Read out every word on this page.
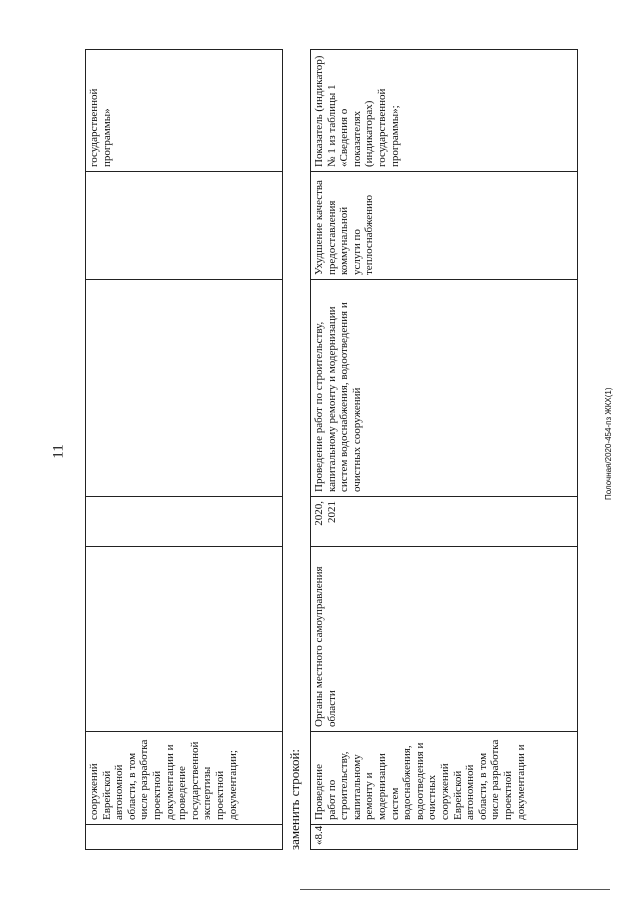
11
	сооружений Еврейской автономной области, в том числе разработка проектной документации и проведение государственной экспертизы проектной документации;					государственной программы»
заменить строкой: «8.4	Проведение работ по строительству, капитальному ремонту и модернизации систем водоснабжения, водоотведения и очистных сооружений Еврейской автономной области, в том числе разработка проектной документации и	Органы местного самоуправления области	2020, 2021	Проведение работ по строительству, капитальному ремонту и модернизации систем водоснабжения, водоотведения и очистных сооружений	Ухудшение качества предоставления коммунальной услуги по теплоснабжению	Показатель (индикатор) № 1 из таблицы 1 «Сведения о показателях (индикаторах) государственной программы»;
Полочная/2020-454-пз ЖКХ(1)
